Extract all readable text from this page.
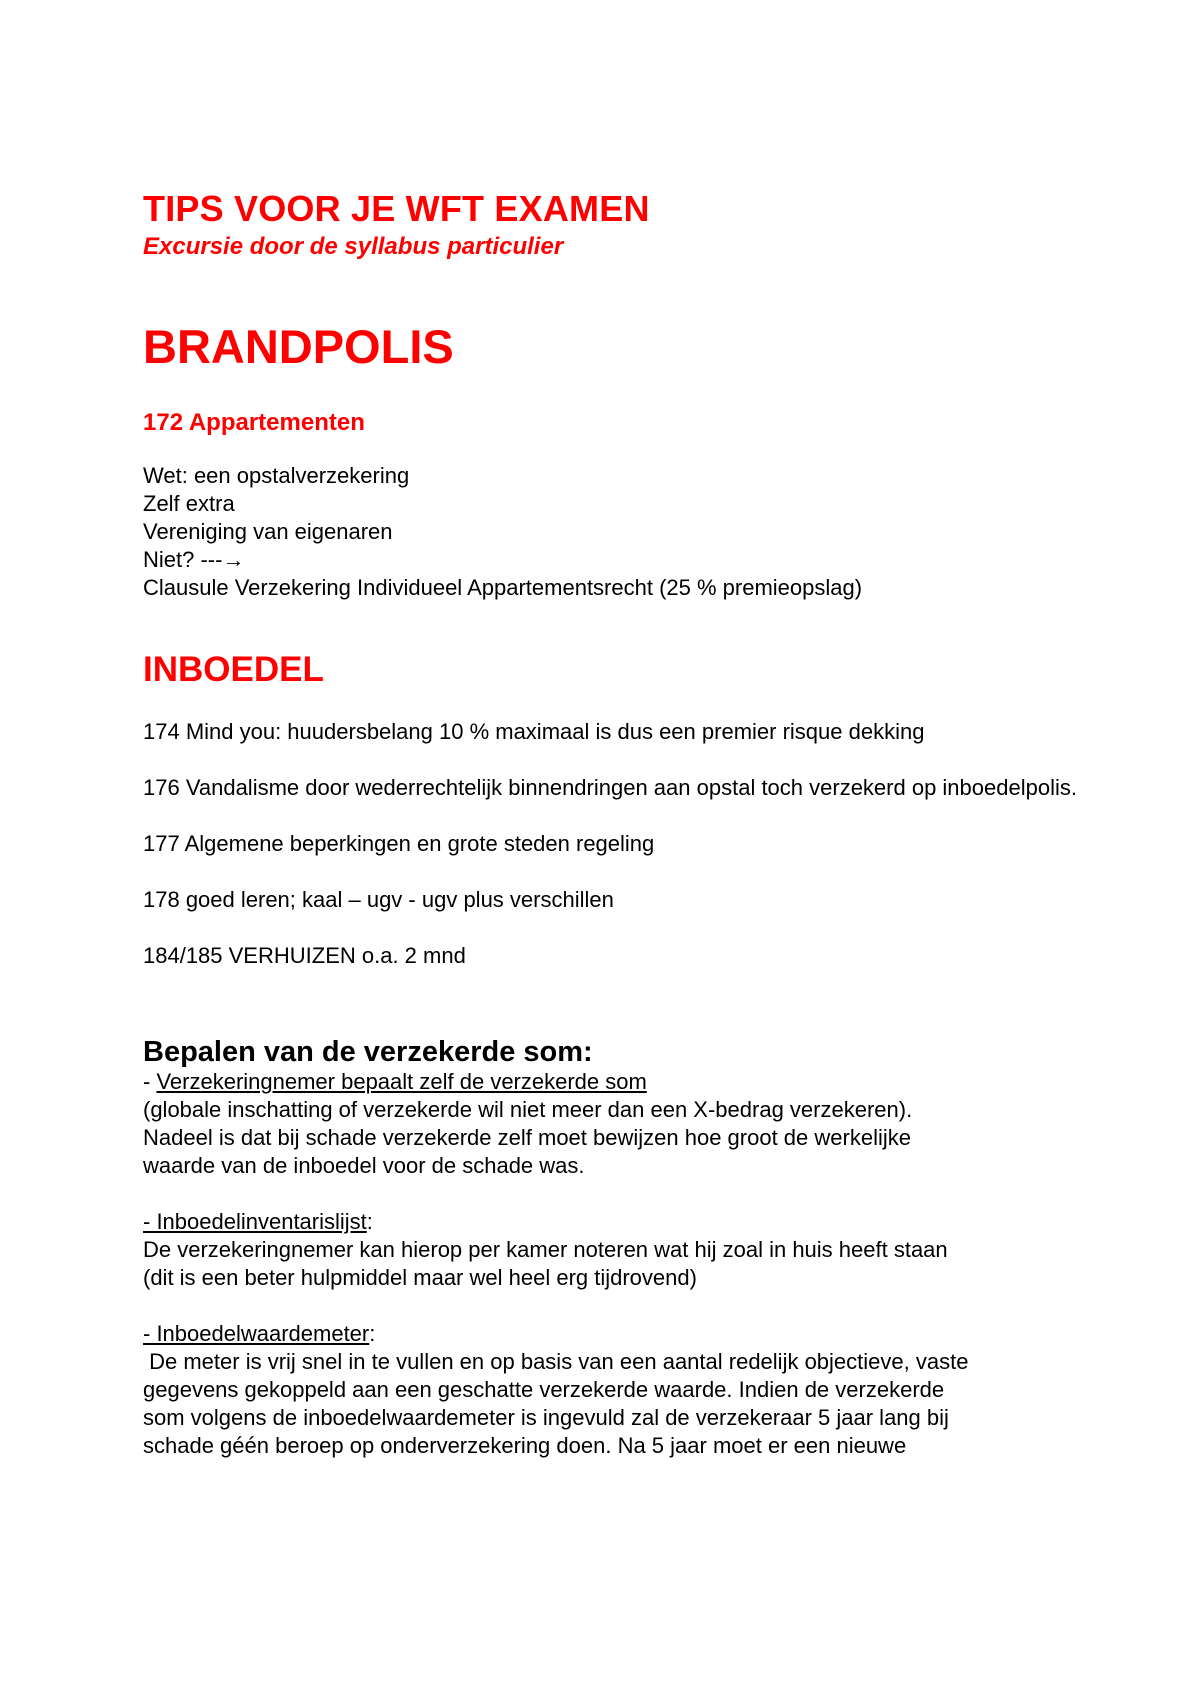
TIPS VOOR JE WFT EXAMEN
Excursie door de syllabus particulier
BRANDPOLIS
172 Appartementen
Wet: een opstalverzekering
Zelf extra
Vereniging van eigenaren
Niet? ---→
Clausule Verzekering Individueel Appartementsrecht (25 % premieopslag)
INBOEDEL

174 Mind you: huudersbelang 10 % maximaal is dus een premier risque dekking

176 Vandalisme door wederrechtelijk binnendringen aan opstal toch verzekerd op inboedelpolis.

177 Algemene beperkingen en grote steden regeling

178 goed leren; kaal – ugv - ugv plus verschillen

184/185 VERHUIZEN o.a. 2 mnd

Bepalen van de verzekerde som:
- Verzekeringnemer bepaalt zelf de verzekerde som
(globale inschatting of verzekerde wil niet meer dan een X-bedrag verzekeren).
Nadeel is dat bij schade verzekerde zelf moet bewijzen hoe groot de werkelijke
waarde van de inboedel voor de schade was.
- Inboedelinventarislijst:
De verzekeringnemer kan hierop per kamer noteren wat hij zoal in huis heeft staan
(dit is een beter hulpmiddel maar wel heel erg tijdrovend)
- Inboedelwaardemeter:
De meter is vrij snel in te vullen en op basis van een aantal redelijk objectieve, vaste
gegevens gekoppeld aan een geschatte verzekerde waarde. Indien de verzekerde
som volgens de inboedelwaardemeter is ingevuld zal de verzekeraar 5 jaar lang bij
schade géén beroep op onderverzekering doen. Na 5 jaar moet er een nieuwe
